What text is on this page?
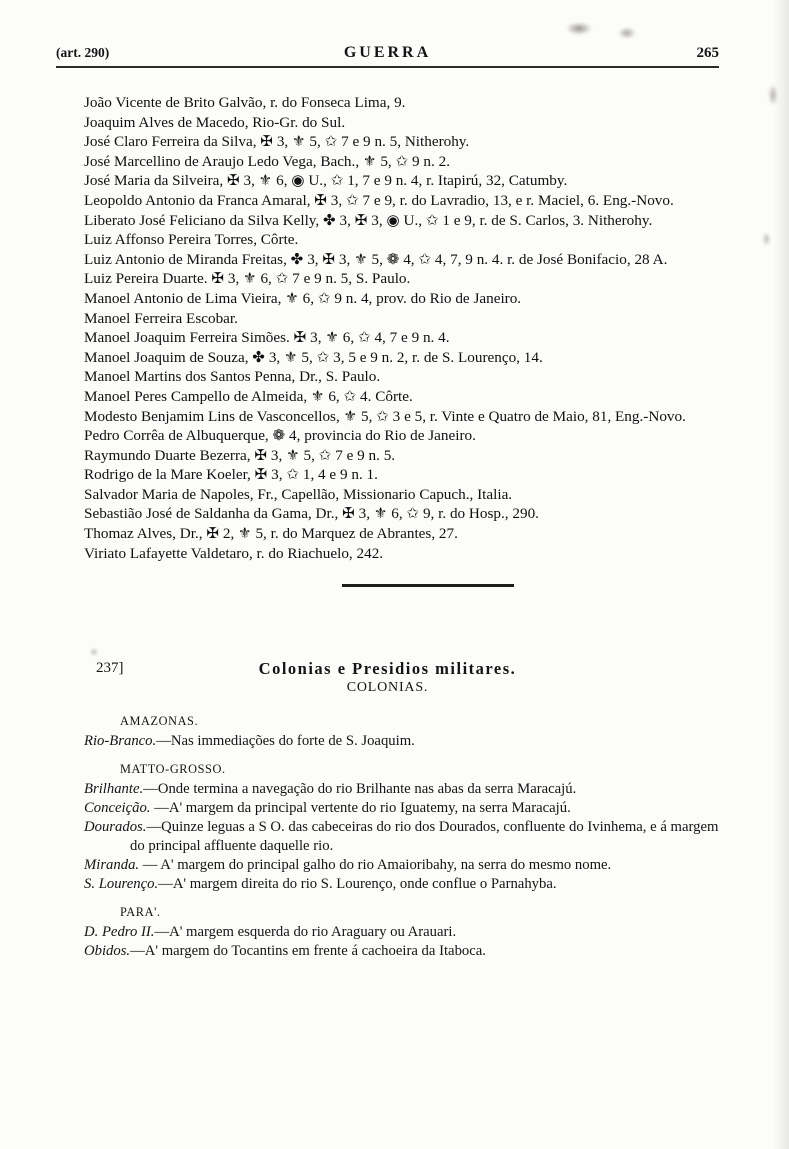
(art. 290)	GUERRA	265

João Vicente de Brito Galvão, r. do Fonseca Lima, 9.

Joaquim Alves de Macedo, Rio-Gr. do Sul.

José Claro Ferreira da Silva, ✠ 3, ⚜ 5, ✩ 7 e 9 n. 5, Nitherohy.

José Marcellino de Araujo Ledo Vega, Bach., ⚜ 5, ✩ 9 n. 2.

José Maria da Silveira, ✠ 3, ⚜ 6, ◉ U., ✩ 1, 7 e 9 n. 4, r. Itapirú, 32, Catumby.

Leopoldo Antonio da Franca Amaral, ✠ 3, ✩ 7 e 9, r. do Lavradio, 13, e r. Maciel, 6. Eng.-Novo.

Liberato José Feliciano da Silva Kelly, ✤ 3, ✠ 3, ◉ U., ✩ 1 e 9, r. de S. Carlos, 3. Nitherohy.

Luiz Affonso Pereira Torres, Côrte.

Luiz Antonio de Miranda Freitas, ✤ 3, ✠ 3, ⚜ 5, ❁ 4, ✩ 4, 7, 9 n. 4. r. de José Bonifacio, 28 A.

Luiz Pereira Duarte. ✠ 3, ⚜ 6, ✩ 7 e 9 n. 5, S. Paulo.

Manoel Antonio de Lima Vieira, ⚜ 6, ✩ 9 n. 4, prov. do Rio de Janeiro.

Manoel Ferreira Escobar.

Manoel Joaquim Ferreira Simões. ✠ 3, ⚜ 6, ✩ 4, 7 e 9 n. 4.

Manoel Joaquim de Souza, ✤ 3, ⚜ 5, ✩ 3, 5 e 9 n. 2, r. de S. Lourenço, 14.

Manoel Martins dos Santos Penna, Dr., S. Paulo.

Manoel Peres Campello de Almeida, ⚜ 6, ✩ 4. Côrte.

Modesto Benjamim Lins de Vasconcellos, ⚜ 5, ✩ 3 e 5, r. Vinte e Quatro de Maio, 81, Eng.-Novo.

Pedro Corrêa de Albuquerque, ❁ 4, provincia do Rio de Janeiro.

Raymundo Duarte Bezerra, ✠ 3, ⚜ 5, ✩ 7 e 9 n. 5.

Rodrigo de la Mare Koeler, ✠ 3, ✩ 1, 4 e 9 n. 1.

Salvador Maria de Napoles, Fr., Capellão, Missionario Capuch., Italia.

Sebastião José de Saldanha da Gama, Dr., ✠ 3, ⚜ 6, ✩ 9, r. do Hosp., 290.

Thomaz Alves, Dr., ✠ 2, ⚜ 5, r. do Marquez de Abrantes, 27.

Viriato Lafayette Valdetaro, r. do Riachuelo, 242.

237]	Colonias e Presidios militares.
COLONIAS.
AMAZONAS.

Rio-Branco.—Nas immediações do forte de S. Joaquim.

MATTO-GROSSO.

Brilhante.—Onde termina a navegação do rio Brilhante nas abas da serra Maracajú.

Conceição. —A' margem da principal vertente do rio Iguatemy, na serra Maracajú.

Dourados.—Quinze leguas a S O. das cabeceiras do rio dos Dourados, confluente do Ivinhema, e á margem do principal affluente daquelle rio.

Miranda. — A' margem do principal galho do rio Amaioribahy, na serra do mesmo nome.

S. Lourenço.—A' margem direita do rio S. Lourenço, onde conflue o Parnahyba.

PARA'.

D. Pedro II.—A' margem esquerda do rio Araguary ou Arauari.

Obidos.—A' margem do Tocantins em frente á cachoeira da Itaboca.
